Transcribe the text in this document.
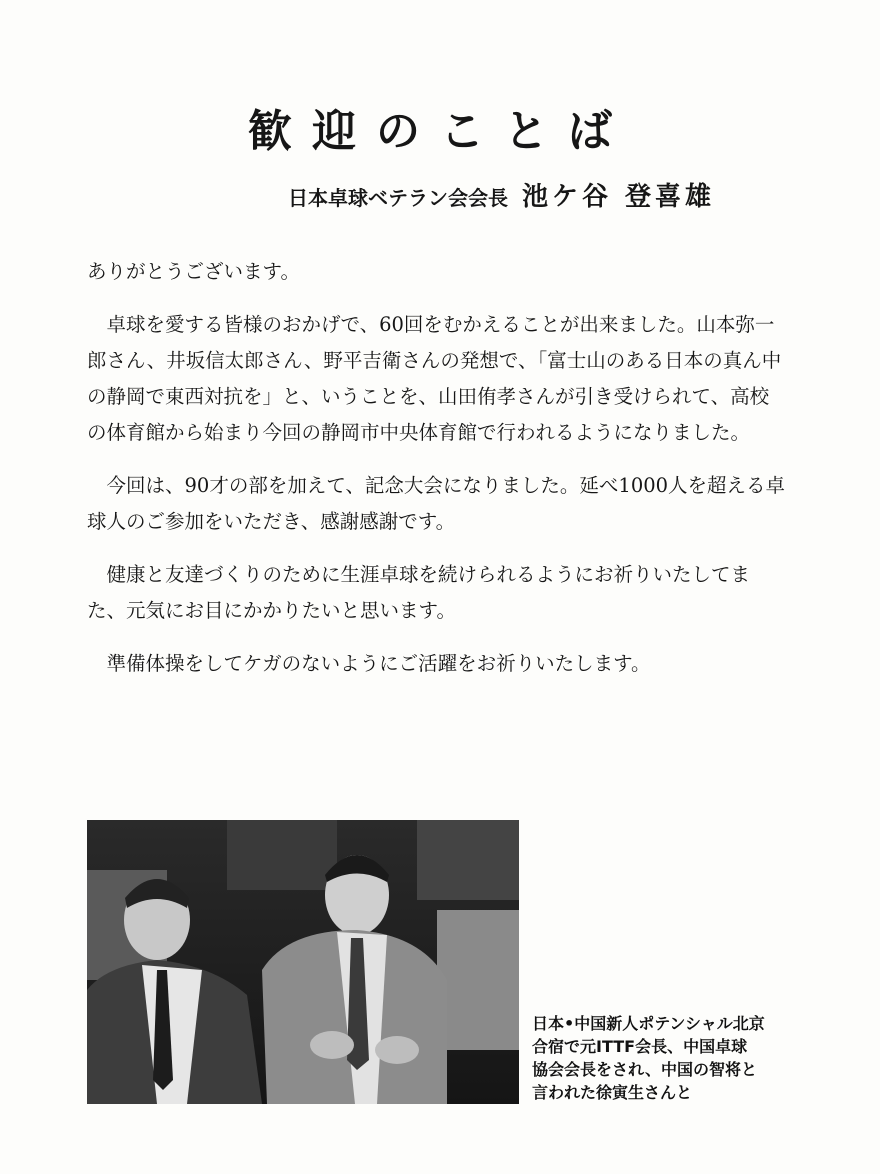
歓迎のことば
日本卓球ベテラン会会長 池ケ谷 登喜雄

ありがとうございます。

卓球を愛する皆様のおかげで、60回をむかえることが出来ました。山本弥一郎さん、井坂信太郎さん、野平吉衛さんの発想で、「富士山のある日本の真ん中の静岡で東西対抗を」と、いうことを、山田侑孝さんが引き受けられて、高校の体育館から始まり今回の静岡市中央体育館で行われるようになりました。

今回は、90才の部を加えて、記念大会になりました。延べ1000人を超える卓球人のご参加をいただき、感謝感謝です。

健康と友達づくりのために生涯卓球を続けられるようにお祈りいたしてまた、元気にお目にかかりたいと思います。

準備体操をしてケガのないようにご活躍をお祈りいたします。

日本•中国新人ポテンシャル北京
合宿で元ITTF会長、中国卓球
協会会長をされ、中国の智将と
言われた徐寅生さんと
